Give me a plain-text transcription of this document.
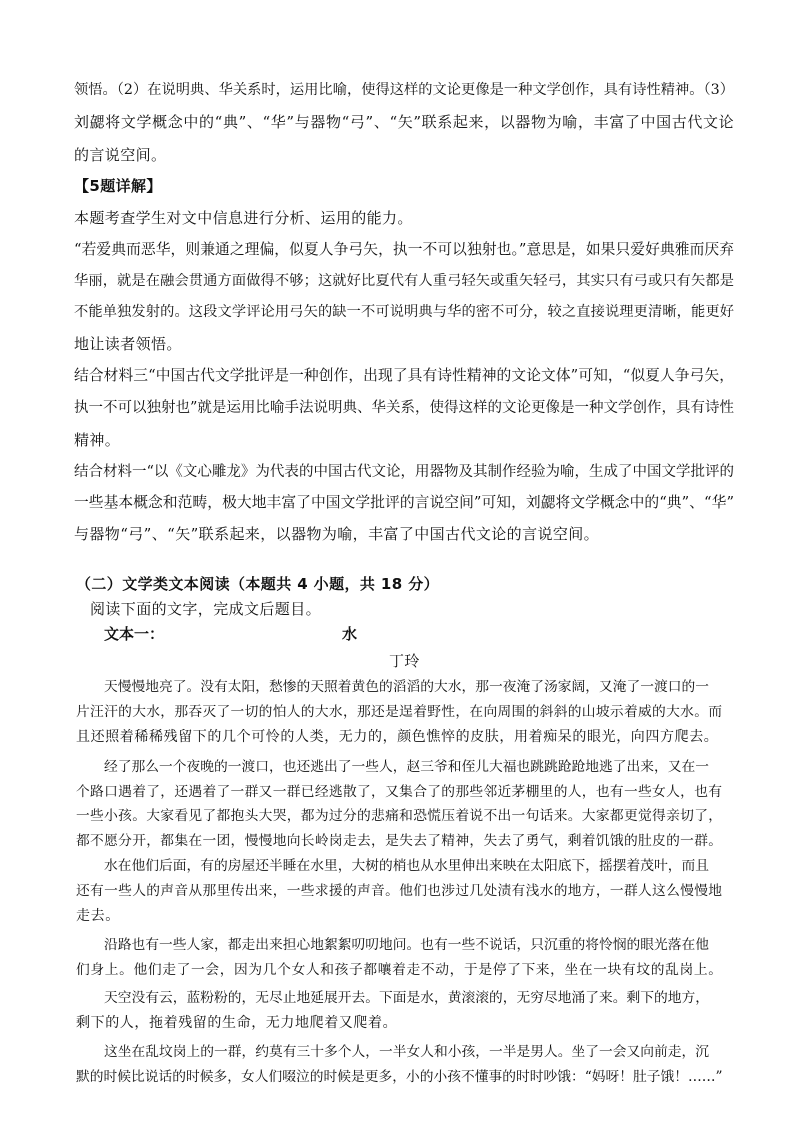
领悟。（2）在说明典、华关系时，运用比喻，使得这样的文论更像是一种文学创作，具有诗性精神。（3）
刘勰将文学概念中的“典”、“华”与器物“弓”、“矢”联系起来，以器物为喻，丰富了中国古代文论
的言说空间。
【5题详解】
本题考查学生对文中信息进行分析、运用的能力。
“若爱典而恶华，则兼通之理偏，似夏人争弓矢，执一不可以独射也。”意思是，如果只爱好典雅而厌弃
华丽，就是在融会贯通方面做得不够；这就好比夏代有人重弓轻矢或重矢轻弓，其实只有弓或只有矢都是
不能单独发射的。这段文学评论用弓矢的缺一不可说明典与华的密不可分，较之直接说理更清晰，能更好
地让读者领悟。
结合材料三“中国古代文学批评是一种创作，出现了具有诗性精神的文论文体”可知，“似夏人争弓矢，
执一不可以独射也”就是运用比喻手法说明典、华关系，使得这样的文论更像是一种文学创作，具有诗性
精神。
结合材料一“以《文心雕龙》为代表的中国古代文论，用器物及其制作经验为喻，生成了中国文学批评的
一些基本概念和范畴，极大地丰富了中国文学批评的言说空间”可知，刘勰将文学概念中的“典”、“华”
与器物“弓”、“矢”联系起来，以器物为喻，丰富了中国古代文论的言说空间。
（二）文学类文本阅读（本题共 4 小题，共 18 分）
阅读下面的文字，完成文后题目。
文本一：	水
丁玲
天慢慢地亮了。没有太阳，愁惨的天照着黄色的滔滔的大水，那一夜淹了汤家阔，又淹了一渡口的一
片汪汗的大水，那吞灭了一切的怕人的大水，那还是逞着野性，在向周围的斜斜的山坡示着威的大水。而
且还照着稀稀残留下的几个可怜的人类，无力的，颜色憔悴的皮肤，用着痴呆的眼光，向四方爬去。
经了那么一个夜晚的一渡口，也还逃出了一些人，赵三爷和侄儿大福也跳跳跄跄地逃了出来，又在一
个路口遇着了，还遇着了一群又一群已经逃散了，又集合了的那些邻近茅棚里的人，也有一些女人，也有
一些小孩。大家看见了都抱头大哭，都为过分的悲痛和恐慌压着说不出一句话来。大家都更觉得亲切了，
都不愿分开，都集在一团，慢慢地向长岭岗走去，是失去了精神，失去了勇气，剩着饥饿的肚皮的一群。
水在他们后面，有的房屋还半睡在水里，大树的梢也从水里伸出来映在太阳底下，摇摆着茂叶，而且
还有一些人的声音从那里传出来，一些求援的声音。他们也涉过几处渍有浅水的地方，一群人这么慢慢地
走去。
沿路也有一些人家，都走出来担心地絮絮叨叨地问。也有一些不说话，只沉重的将怜悯的眼光落在他
们身上。他们走了一会，因为几个女人和孩子都嚷着走不动，于是停了下来，坐在一块有坟的乱岗上。
天空没有云，蓝粉粉的，无尽止地延展开去。下面是水，黄滚滚的，无穷尽地涌了来。剩下的地方，
剩下的人，拖着残留的生命，无力地爬着又爬着。
这坐在乱坟岗上的一群，约莫有三十多个人，一半女人和小孩，一半是男人。坐了一会又向前走，沉
默的时候比说话的时候多，女人们啜泣的时候是更多，小的小孩不懂事的时时吵饿：“妈呀！肚子饿！……”
